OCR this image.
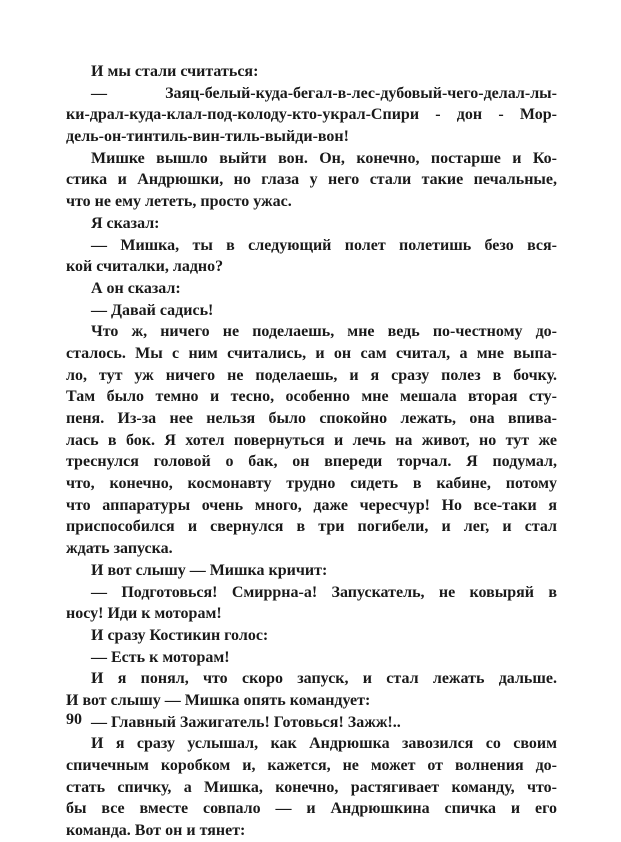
И мы стали считаться:
— Заяц-белый-куда-бегал-в-лес-дубовый-чего-делал-лы-
ки-драл-куда-клал-под-колоду-кто-украл-Спири - дон - Мор-
дель-он-тинтиль-вин-тиль-выйди-вон!
Мишке вышло выйти вон. Он, конечно, постарше и Ко-
стика и Андрюшки, но глаза у него стали такие печальные,
что не ему лететь, просто ужас.
Я сказал:
— Мишка, ты в следующий полет полетишь безо вся-
кой считалки, ладно?
А он сказал:
— Давай садись!
Что ж, ничего не поделаешь, мне ведь по-честному до-
сталось. Мы с ним считались, и он сам считал, а мне выпа-
ло, тут уж ничего не поделаешь, и я сразу полез в бочку.
Там было темно и тесно, особенно мне мешала вторая сту-
пеня. Из-за нее нельзя было спокойно лежать, она впива-
лась в бок. Я хотел повернуться и лечь на живот, но тут же
треснулся головой о бак, он впереди торчал. Я подумал,
что, конечно, космонавту трудно сидеть в кабине, потому
что аппаратуры очень много, даже чересчур! Но все-таки я
приспособился и свернулся в три погибели, и лег, и стал
ждать запуска.
И вот слышу — Мишка кричит:
— Подготовься! Смиррна-а! Запускатель, не ковыряй в
носу! Иди к моторам!
И сразу Костикин голос:
— Есть к моторам!
И я понял, что скоро запуск, и стал лежать дальше.
И вот слышу — Мишка опять командует:
— Главный Зажигатель! Готовься! Зажж!..
И я сразу услышал, как Андрюшка завозился со своим
спичечным коробком и, кажется, не может от волнения до-
стать спичку, а Мишка, конечно, растягивает команду, что-
бы все вместе совпало — и Андрюшкина спичка и его
команда. Вот он и тянет:
90
